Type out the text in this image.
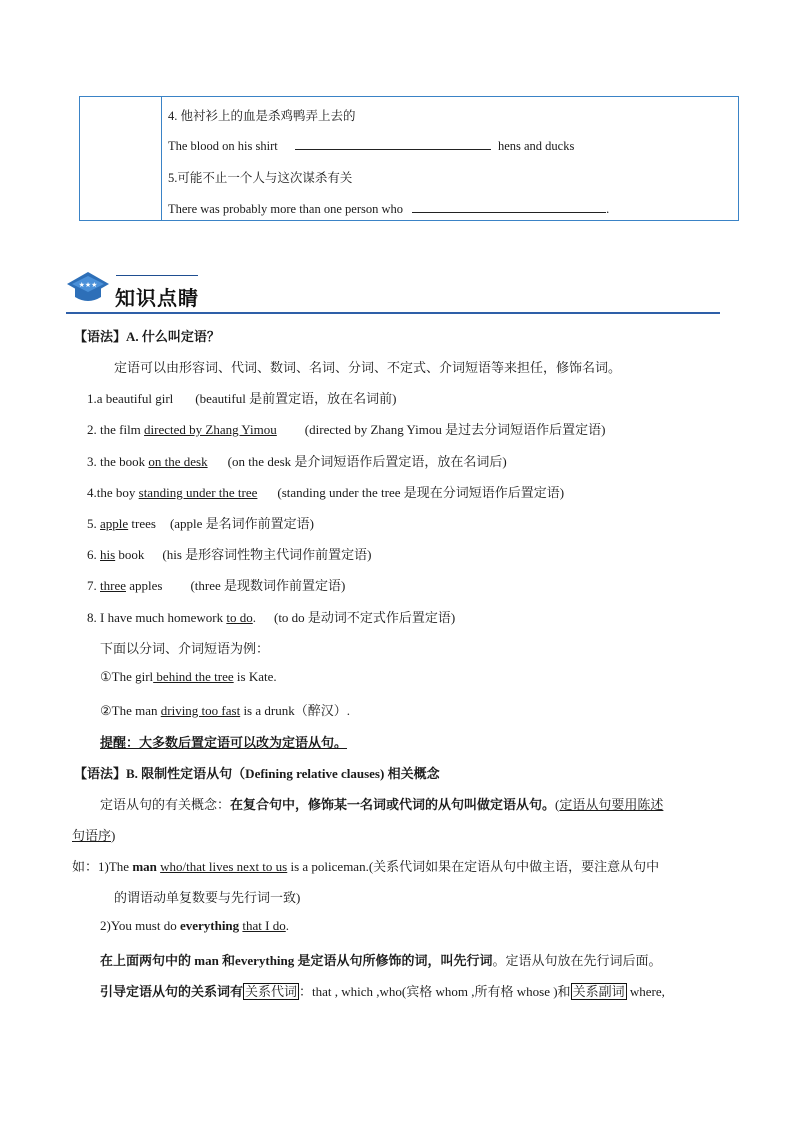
4. 他衬衫上的血是杀鸡鸭弄上去的
The blood on his shirt	hens and ducks
5.可能不止一个人与这次谋杀有关
There was probably more than one person who	.
★★★
知识点睛
【语法】A. 什么叫定语？
定语可以由形容词、代词、数词、名词、分词、不定式、介词短语等来担任，修饰名词。
1.a beautiful girl (beautiful 是前置定语，放在名词前)
2. the film directed by Zhang Yimou (directed by Zhang Yimou 是过去分词短语作后置定语)
3. the book on the desk (on the desk 是介词短语作后置定语，放在名词后)
4.the boy standing under the tree (standing under the tree 是现在分词短语作后置定语)
5. apple trees (apple 是名词作前置定语)
6. his book (his 是形容词性物主代词作前置定语)
7. three apples (three 是现数词作前置定语)
8. I have much homework to do. (to do 是动词不定式作后置定语)
下面以分词、介词短语为例：
①The girl behind the tree is Kate.
②The man driving too fast is a drunk（醉汉）.
提醒：大多数后置定语可以改为定语从句。
【语法】B. 限制性定语从句（Defining relative clauses) 相关概念
定语从句的有关概念：在复合句中，修饰某一名词或代词的从句叫做定语从句。(定语从句要用陈述
句语序)
如：1)The man who/that lives next to us is a policeman.(关系代词如果在定语从句中做主语，要注意从句中
的谓语动单复数要与先行词一致)
2)You must do everything that I do.
在上面两句中的 man 和everything 是定语从句所修饰的词，叫先行词。定语从句放在先行词后面。
引导定语从句的关系词有 关系代词 ：that , which ,who(宾格 whom ,所有格 whose )和 关系副词 where,
